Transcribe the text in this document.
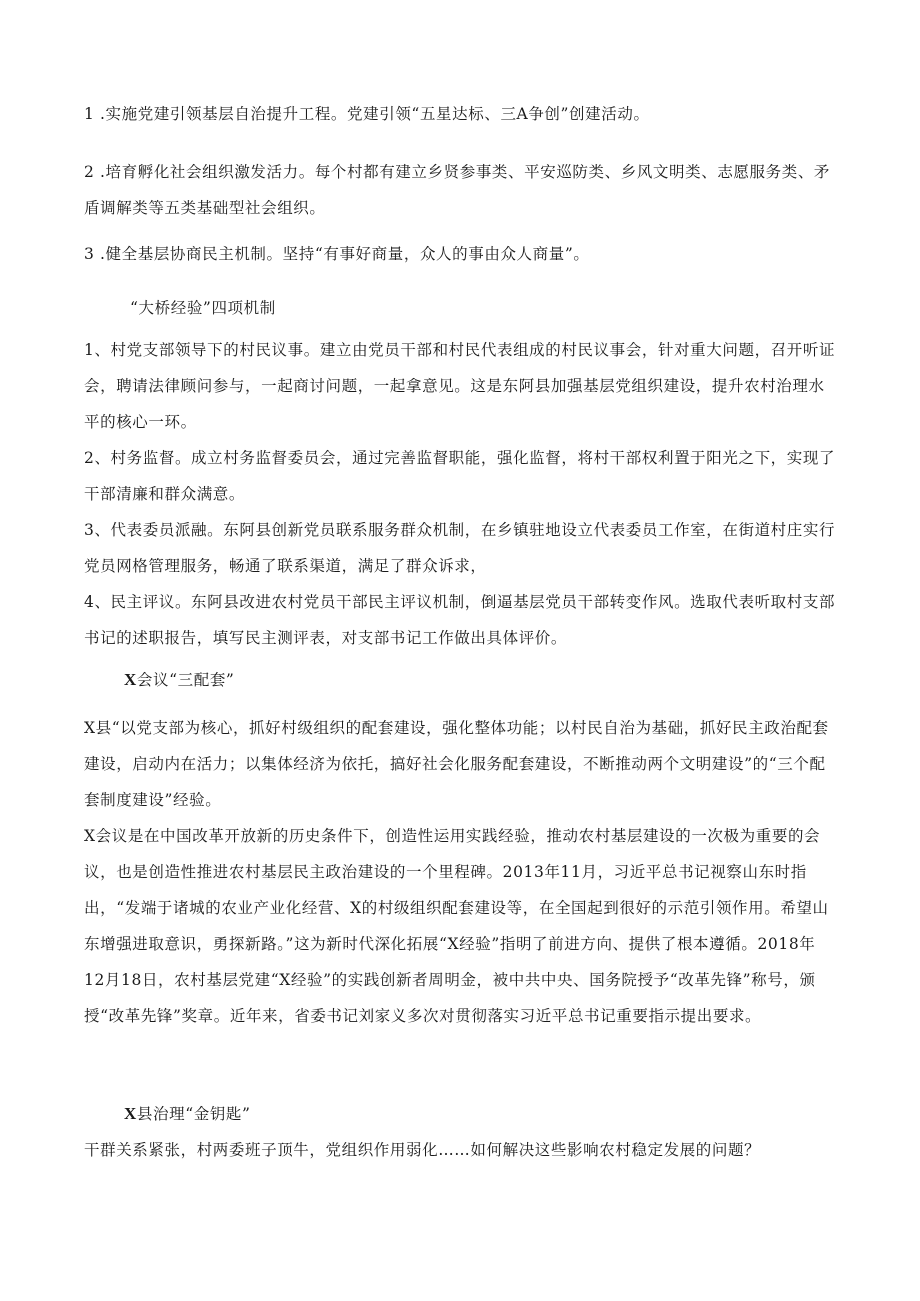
1 .实施党建引领基层自治提升工程。党建引领“五星达标、三A争创”创建活动。

2 .培育孵化社会组织激发活力。每个村都有建立乡贤参事类、平安巡防类、乡风文明类、志愿服务类、矛盾调解类等五类基础型社会组织。

3 .健全基层协商民主机制。坚持“有事好商量，众人的事由众人商量”。

“大桥经验”四项机制

1、村党支部领导下的村民议事。建立由党员干部和村民代表组成的村民议事会，针对重大问题，召开听证会，聘请法律顾问参与，一起商讨问题，一起拿意见。这是东阿县加强基层党组织建设，提升农村治理水平的核心一环。

2、村务监督。成立村务监督委员会，通过完善监督职能，强化监督，将村干部权利置于阳光之下，实现了干部清廉和群众满意。

3、代表委员派融。东阿县创新党员联系服务群众机制，在乡镇驻地设立代表委员工作室，在街道村庄实行党员网格管理服务，畅通了联系渠道，满足了群众诉求，

4、民主评议。东阿县改进农村党员干部民主评议机制，倒逼基层党员干部转变作风。选取代表听取村支部书记的述职报告，填写民主测评表，对支部书记工作做出具体评价。

X会议“三配套”

X县“以党支部为核心，抓好村级组织的配套建设，强化整体功能；以村民自治为基础，抓好民主政治配套建设，启动内在活力；以集体经济为依托，搞好社会化服务配套建设，不断推动两个文明建设”的“三个配套制度建设”经验。

X会议是在中国改革开放新的历史条件下，创造性运用实践经验，推动农村基层建设的一次极为重要的会议，也是创造性推进农村基层民主政治建设的一个里程碑。2013年11月，习近平总书记视察山东时指出，“发端于诸城的农业产业化经营、X的村级组织配套建设等，在全国起到很好的示范引领作用。希望山东增强进取意识，勇探新路。”这为新时代深化拓展“X经验”指明了前进方向、提供了根本遵循。2018年12月18日，农村基层党建“X经验”的实践创新者周明金，被中共中央、国务院授予“改革先锋”称号，颁授“改革先锋”奖章。近年来，省委书记刘家义多次对贯彻落实习近平总书记重要指示提出要求。

X县治理“金钥匙”

干群关系紧张，村两委班子顶牛，党组织作用弱化……如何解决这些影响农村稳定发展的问题？
